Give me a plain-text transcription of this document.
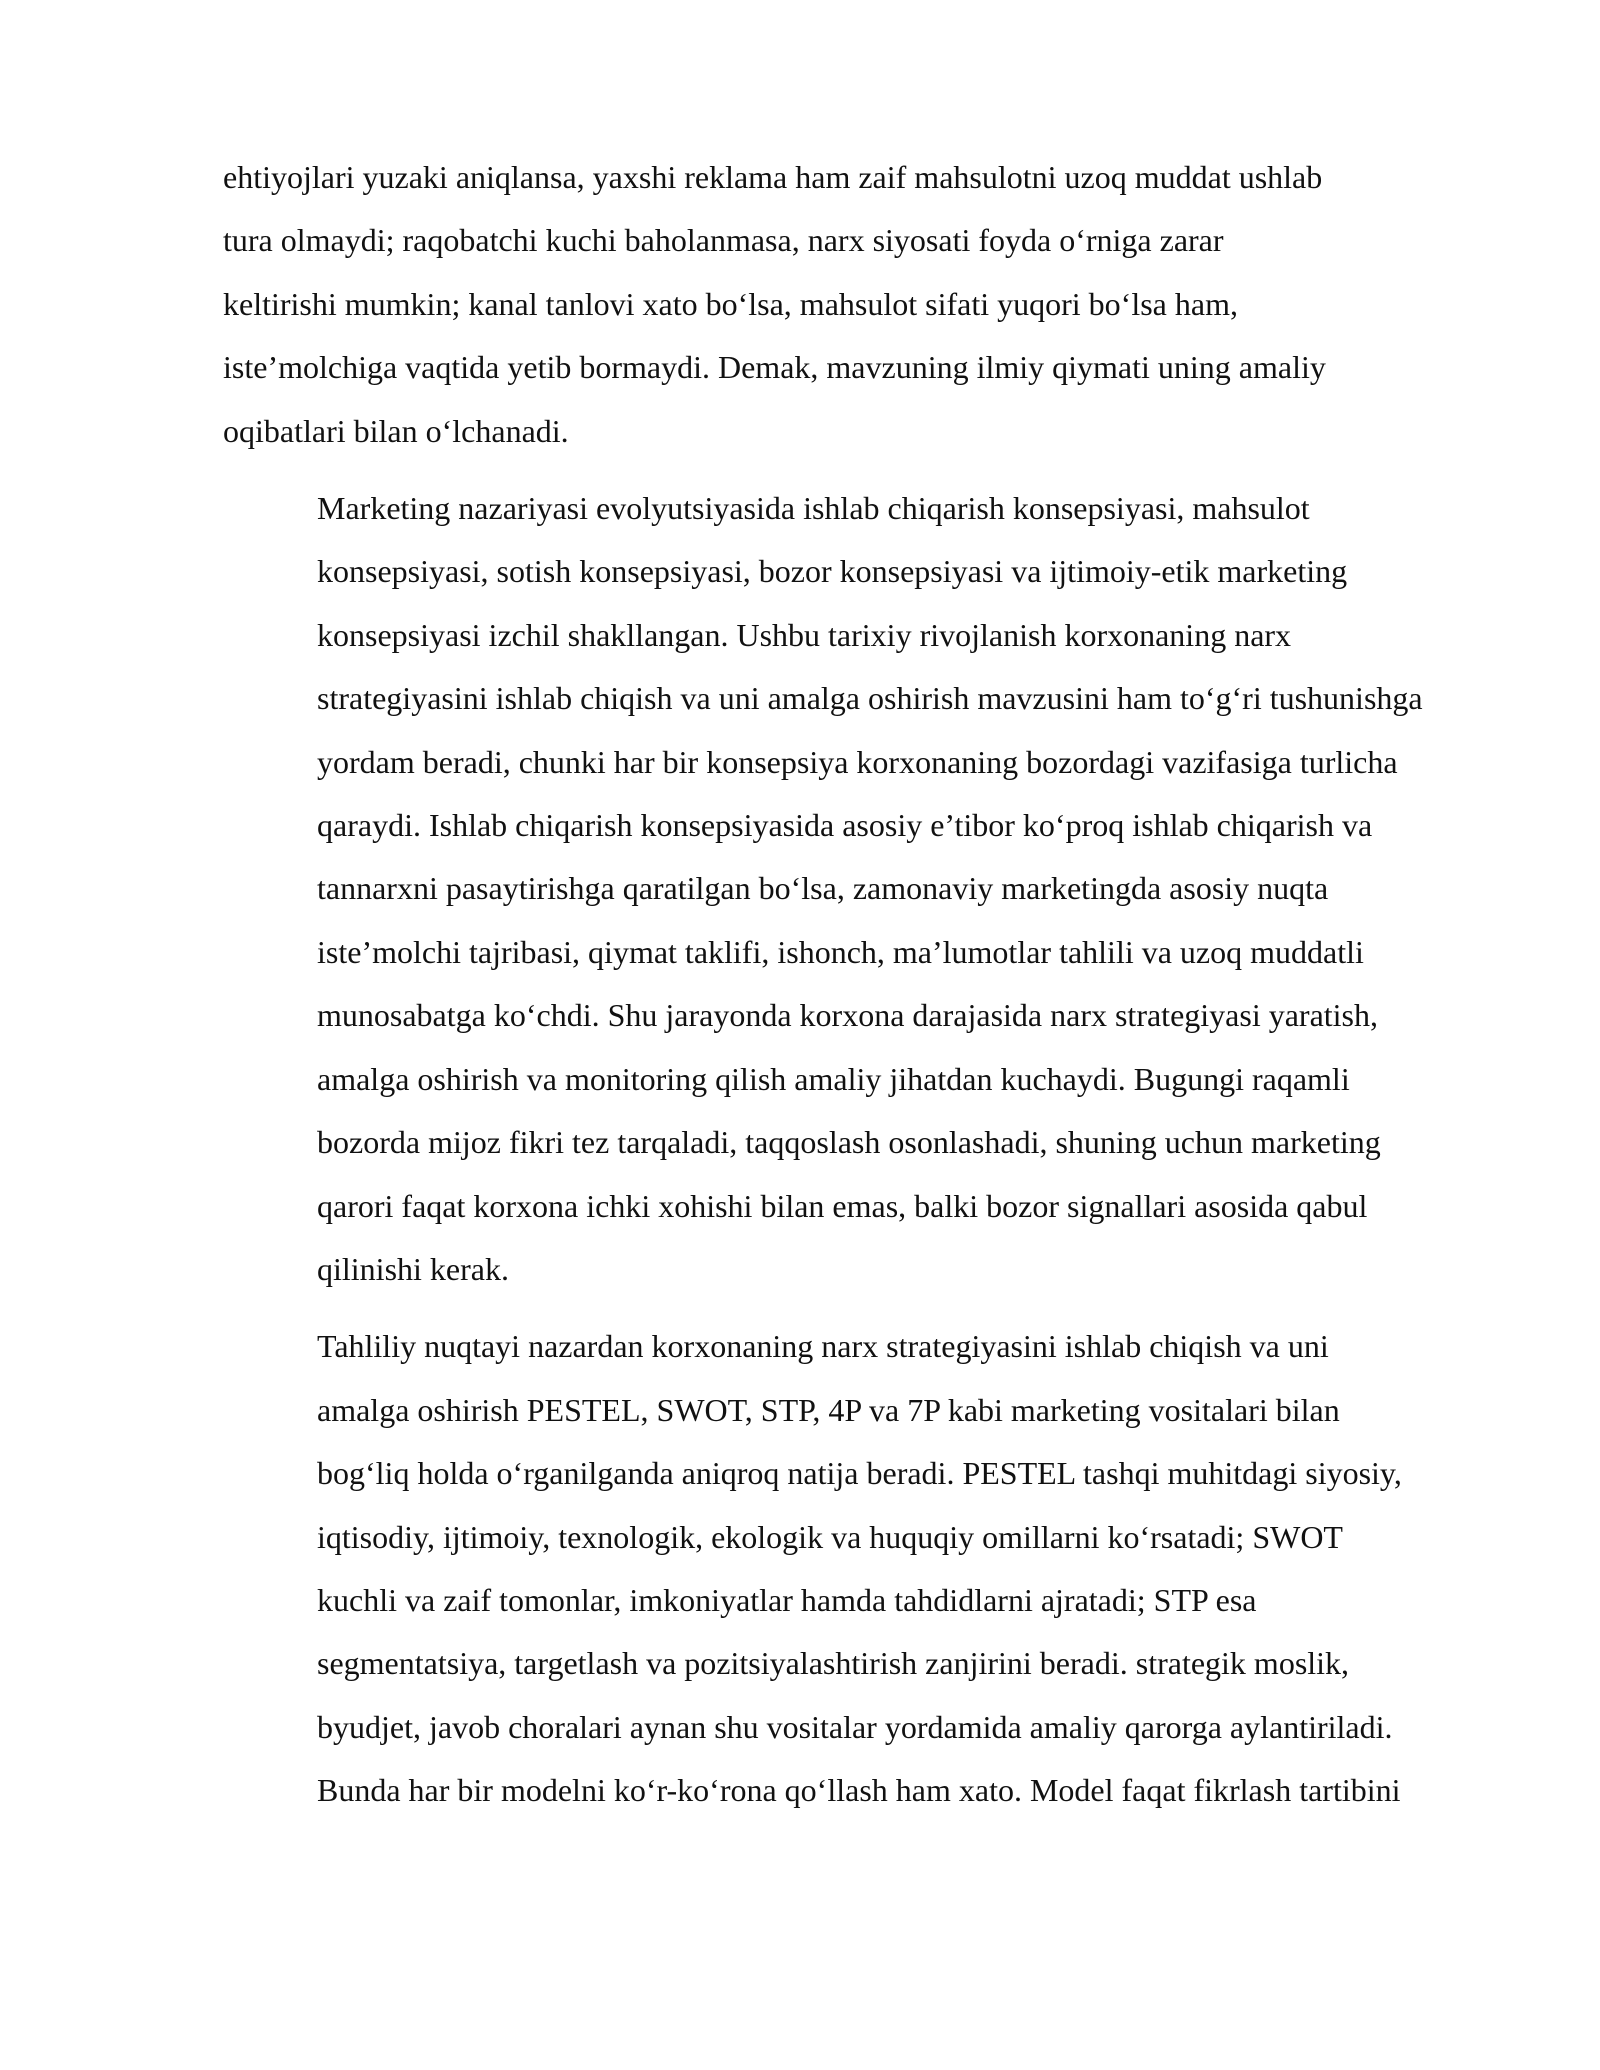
ehtiyojlari yuzaki aniqlansa, yaxshi reklama ham zaif mahsulotni uzoq muddat ushlab
tura olmaydi; raqobatchi kuchi baholanmasa, narx siyosati foyda o‘rniga zarar
keltirishi mumkin; kanal tanlovi xato bo‘lsa, mahsulot sifati yuqori bo‘lsa ham,
iste’molchiga vaqtida yetib bormaydi. Demak, mavzuning ilmiy qiymati uning amaliy
oqibatlari bilan o‘lchanadi.

Marketing nazariyasi evolyutsiyasida ishlab chiqarish konsepsiyasi, mahsulot
konsepsiyasi, sotish konsepsiyasi, bozor konsepsiyasi va ijtimoiy-etik marketing
konsepsiyasi izchil shakllangan. Ushbu tarixiy rivojlanish korxonaning narx
strategiyasini ishlab chiqish va uni amalga oshirish mavzusini ham to‘g‘ri tushunishga
yordam beradi, chunki har bir konsepsiya korxonaning bozordagi vazifasiga turlicha
qaraydi. Ishlab chiqarish konsepsiyasida asosiy e’tibor ko‘proq ishlab chiqarish va
tannarxni pasaytirishga qaratilgan bo‘lsa, zamonaviy marketingda asosiy nuqta
iste’molchi tajribasi, qiymat taklifi, ishonch, ma’lumotlar tahlili va uzoq muddatli
munosabatga ko‘chdi. Shu jarayonda korxona darajasida narx strategiyasi yaratish,
amalga oshirish va monitoring qilish amaliy jihatdan kuchaydi. Bugungi raqamli
bozorda mijoz fikri tez tarqaladi, taqqoslash osonlashadi, shuning uchun marketing
qarori faqat korxona ichki xohishi bilan emas, balki bozor signallari asosida qabul
qilinishi kerak.

Tahliliy nuqtayi nazardan korxonaning narx strategiyasini ishlab chiqish va uni
amalga oshirish PESTEL, SWOT, STP, 4P va 7P kabi marketing vositalari bilan
bog‘liq holda o‘rganilganda aniqroq natija beradi. PESTEL tashqi muhitdagi siyosiy,
iqtisodiy, ijtimoiy, texnologik, ekologik va huquqiy omillarni ko‘rsatadi; SWOT
kuchli va zaif tomonlar, imkoniyatlar hamda tahdidlarni ajratadi; STP esa
segmentatsiya, targetlash va pozitsiyalashtirish zanjirini beradi. strategik moslik,
byudjet, javob choralari aynan shu vositalar yordamida amaliy qarorga aylantiriladi.
Bunda har bir modelni ko‘r-ko‘rona qo‘llash ham xato. Model faqat fikrlash tartibini
